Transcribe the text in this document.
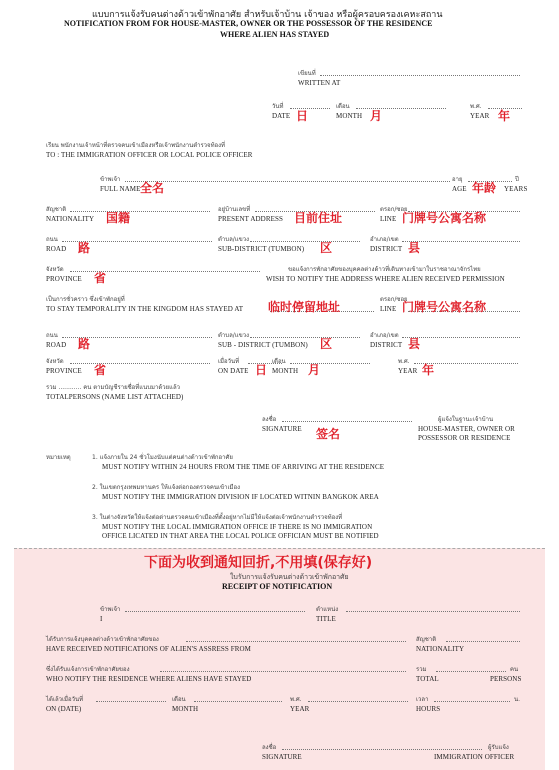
แบบการแจ้งรับคนต่างด้าวเข้าพักอาศัย สำหรับเจ้าบ้าน เจ้าของ หรือผู้ครอบครองเคหะสถาน
NOTIFICATION FROM FOR HOUSE-MASTER, OWNER OR THE POSSESSOR OF THE RESIDENCE
WHERE ALIEN HAS STAYED
เขียนที่
WRITTEN AT
วันที่
DATE 日
เดือน
MONTH 月
พ.ศ.
YEAR 年
เรียน พนักงานเจ้าหน้าที่ตรวจคนเข้าเมืองหรือเจ้าพนักงานตำรวจท้องที่
TO : THE IMMIGRATION OFFICER OR LOCAL POLICE OFFICER
ข้าพเจ้า
FULL NAME 全名
อายุ	ปี
AGE 年龄 YEARS
สัญชาติ
NATIONALITY 国籍
อยู่บ้านเลขที่
PRESENT ADDRESS 目前住址
ตรอก/ซอย
LINE 门牌号公寓名称
ถนน
ROAD 路
ตำบล/แขวง
SUB-DISTRICT (TUMBON) 区
อำเภอ/เขต
DISTRICT 县
จังหวัด
PROVINCE 省
ขอแจ้งการพักอาศัยของบุคคลต่างด้าวที่เดินทางเข้ามาในราชอาณาจักรไทย
WISH TO NOTIFY THE ADDRESS WHERE ALIEN RECEIVED PERMISSION
เป็นการชั่วคราว ซึ่งเข้าพักอยู่ที่
TO STAY TEMPORALITY IN THE KINGDOM HAS STAYED AT 临时停留地址
ตรอก/ซอย
LINE 门牌号公寓名称
ถนน
ROAD 路
ตำบล/แขวง
SUB - DISTRICT (TUMBON) 区
อำเภอ/เขต
DISTRICT 县
จังหวัด
PROVINCE 省
เมื่อวันที่
ON DATE 日
เดือน
MONTH 月
พ.ศ.
YEAR 年
รวม ............ คน ตามบัญชีรายชื่อที่แนบมาด้วยแล้ว
TOTALPERSONS (NAME LIST ATTACHED)
ลงชื่อ
SIGNATURE 签名
ผู้แจ้งในฐานะเจ้าบ้าน
HOUSE-MASTER, OWNER OR
POSSESSOR OR RESIDENCE
หมายเหตุ	1. แจ้งภายใน 24 ชั่วโมงนับแต่คนต่างด้าวเข้าพักอาศัย
MUST NOTIFY WITHIN 24 HOURS FROM THE TIME OF ARRIVING AT THE RESIDENCE
2. ในเขตกรุงเทพมหานคร ให้แจ้งต่อกองตรวจคนเข้าเมือง
MUST NOTIFY THE IMMIGRATION DIVISION IF LOCATED WITNIN BANGKOK AREA
3. ในต่างจังหวัดให้แจ้งต่อด่านตรวจคนเข้าเมืองที่ตั้งอยู่หากไม่มีให้แจ้งต่อเจ้าพนักงานตำรวจท้องที่
MUST NOTIFY THE LOCAL IMMIGRATION OFFICE IF THERE IS NO IMMIGRATION
OFFICE LICATED IN THAT AREA THE LOCAL POLICE OFFICIAN MUST BE NOTIFIED
下面为收到通知回折,不用填(保存好)
ใบรับการแจ้งรับคนต่างด้าวเข้าพักอาศัย
RECEIPT OF NOTIFICATION
ข้าพเจ้า
I
ตำแหน่ง
TITLE
ได้รับการแจ้งบุคคลต่างด้าวเข้าพักอาศัยของ
HAVE RECEIVED NOTIFICATIONS OF ALIEN'S ASSRESS FROM
สัญชาติ
NATIONALITY
ซึ่งได้รับแจ้งการเข้าพักอาศัยของ
WHO NOTIFY THE RESIDENCE WHERE ALIENS HAVE STAYED
รวม
TOTAL
คน
PERSONS
ได้เล้วเมื่อวันที่
ON (DATE)
เดือน
MONTH
พ.ศ.
YEAR
เวลา	น.
HOURS
ลงชื่อ
SIGNATURE
ผู้รับแจ้ง
IMMIGRATION OFFICER
